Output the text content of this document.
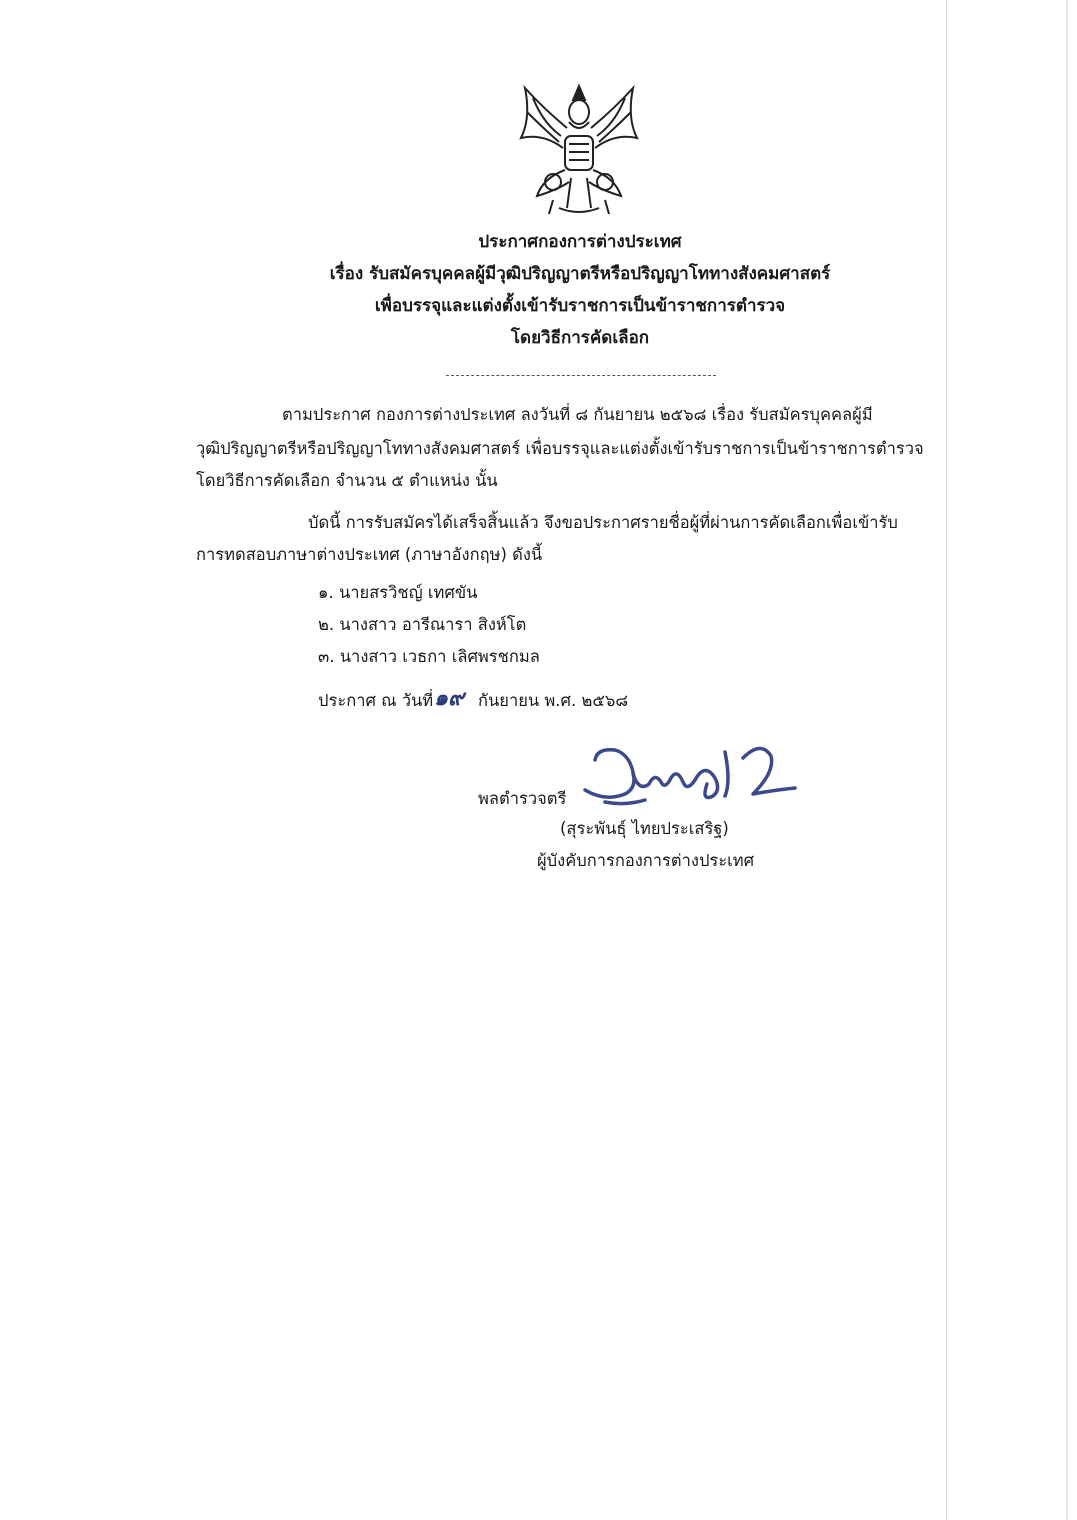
ประกาศกองการต่างประเทศ
เรื่อง รับสมัครบุคคลผู้มีวุฒิปริญญาตรีหรือปริญญาโททางสังคมศาสตร์
เพื่อบรรจุและแต่งตั้งเข้ารับราชการเป็นข้าราชการตำรวจ
โดยวิธีการคัดเลือก
ตามประกาศ กองการต่างประเทศ ลงวันที่ ๘ กันยายน ๒๕๖๘ เรื่อง รับสมัครบุคคลผู้มี
วุฒิปริญญาตรีหรือปริญญาโททางสังคมศาสตร์ เพื่อบรรจุและแต่งตั้งเข้ารับราชการเป็นข้าราชการตำรวจ
โดยวิธีการคัดเลือก จำนวน ๕ ตำแหน่ง นั้น
บัดนี้ การรับสมัครได้เสร็จสิ้นแล้ว จึงขอประกาศรายชื่อผู้ที่ผ่านการคัดเลือกเพื่อเข้ารับ
การทดสอบภาษาต่างประเทศ (ภาษาอังกฤษ) ดังนี้
๑. นายสรวิชญ์ เทศขัน
๒. นางสาว อารีณารา สิงห์โต
๓. นางสาว เวธกา เลิศพรชกมล
ประกาศ ณ วันที่ ๑๙ กันยายน พ.ศ. ๒๕๖๘
พลตำรวจตรี
(สุระพันธุ์ ไทยประเสริฐ)
ผู้บังคับการกองการต่างประเทศ
